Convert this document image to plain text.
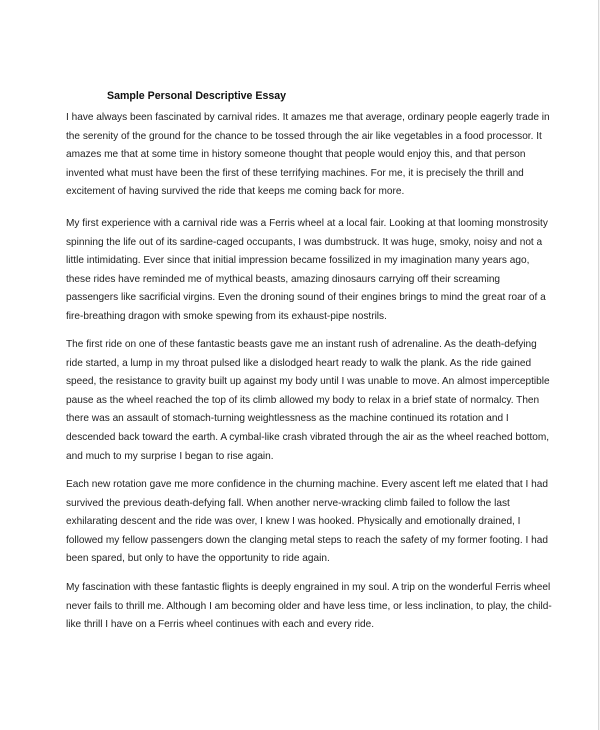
Sample Personal Descriptive Essay

I have always been fascinated by carnival rides. It amazes me that average, ordinary people eagerly trade in
the serenity of the ground for the chance to be tossed through the air like vegetables in a food processor. It
amazes me that at some time in history someone thought that people would enjoy this, and that person
invented what must have been the first of these terrifying machines. For me, it is precisely the thrill and
excitement of having survived the ride that keeps me coming back for more.

My first experience with a carnival ride was a Ferris wheel at a local fair. Looking at that looming monstrosity
spinning the life out of its sardine-caged occupants, I was dumbstruck. It was huge, smoky, noisy and not a
little intimidating. Ever since that initial impression became fossilized in my imagination many years ago,
these rides have reminded me of mythical beasts, amazing dinosaurs carrying off their screaming
passengers like sacrificial virgins. Even the droning sound of their engines brings to mind the great roar of a
fire-breathing dragon with smoke spewing from its exhaust-pipe nostrils.

The first ride on one of these fantastic beasts gave me an instant rush of adrenaline. As the death-defying
ride started, a lump in my throat pulsed like a dislodged heart ready to walk the plank. As the ride gained
speed, the resistance to gravity built up against my body until I was unable to move. An almost imperceptible
pause as the wheel reached the top of its climb allowed my body to relax in a brief state of normalcy. Then
there was an assault of stomach-turning weightlessness as the machine continued its rotation and I
descended back toward the earth. A cymbal-like crash vibrated through the air as the wheel reached bottom,
and much to my surprise I began to rise again.

Each new rotation gave me more confidence in the churning machine. Every ascent left me elated that I had
survived the previous death-defying fall. When another nerve-wracking climb failed to follow the last
exhilarating descent and the ride was over, I knew I was hooked. Physically and emotionally drained, I
followed my fellow passengers down the clanging metal steps to reach the safety of my former footing. I had
been spared, but only to have the opportunity to ride again.

My fascination with these fantastic flights is deeply engrained in my soul. A trip on the wonderful Ferris wheel
never fails to thrill me. Although I am becoming older and have less time, or less inclination, to play, the child-
like thrill I have on a Ferris wheel continues with each and every ride.
